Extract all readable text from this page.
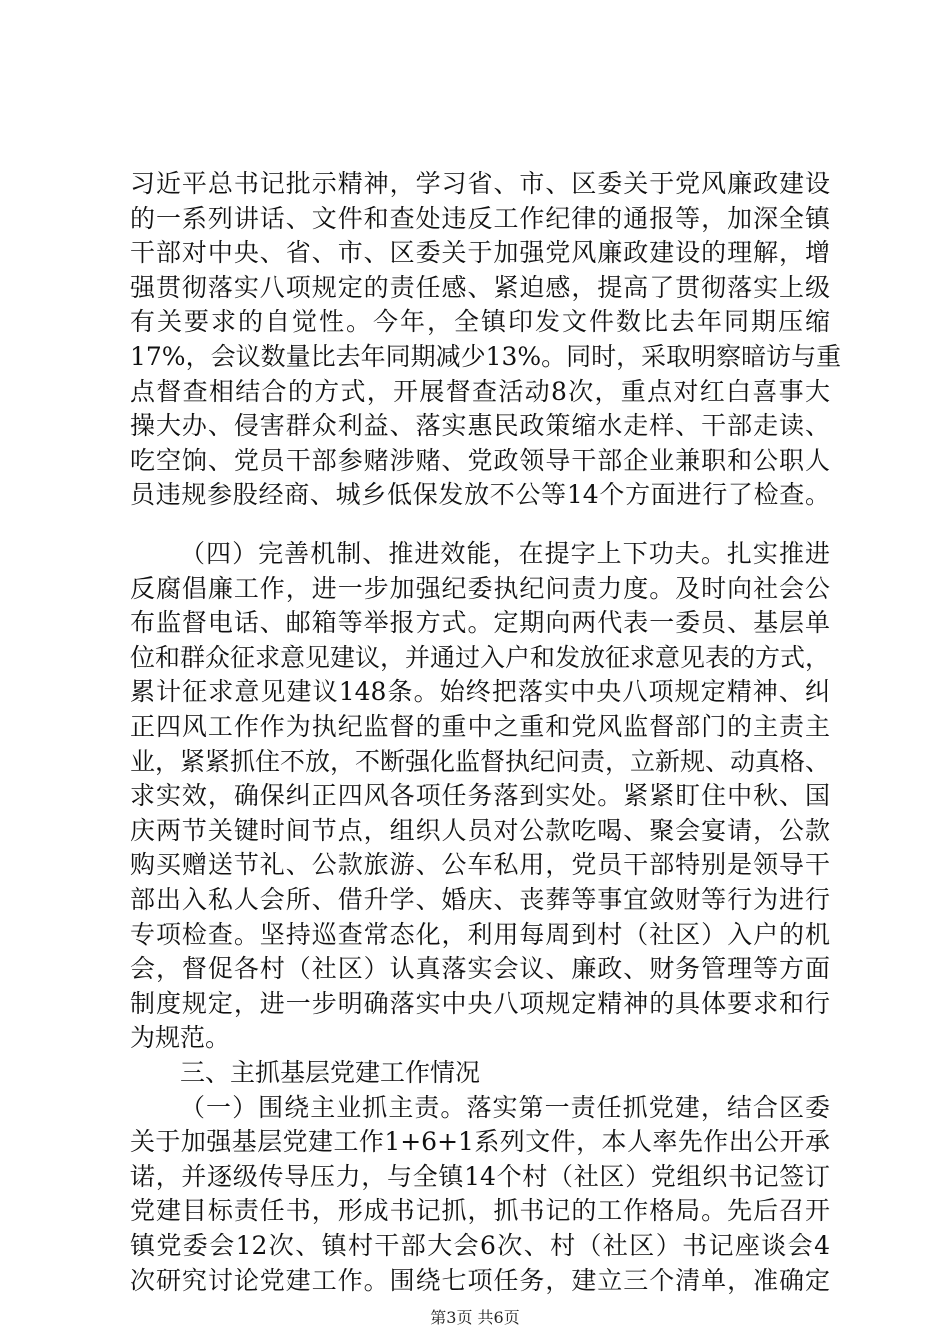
习近平总书记批示精神，学习省、市、区委关于党风廉政建设
的一系列讲话、文件和查处违反工作纪律的通报等，加深全镇
干部对中央、省、市、区委关于加强党风廉政建设的理解，增
强贯彻落实八项规定的责任感、紧迫感，提高了贯彻落实上级
有关要求的自觉性。今年，全镇印发文件数比去年同期压缩
17%，会议数量比去年同期减少13%。同时，采取明察暗访与重
点督查相结合的方式，开展督查活动8次，重点对红白喜事大
操大办、侵害群众利益、落实惠民政策缩水走样、干部走读、
吃空饷、党员干部参赌涉赌、党政领导干部企业兼职和公职人
员违规参股经商、城乡低保发放不公等14个方面进行了检查。
（四）完善机制、推进效能，在提字上下功夫。扎实推进
反腐倡廉工作，进一步加强纪委执纪问责力度。及时向社会公
布监督电话、邮箱等举报方式。定期向两代表一委员、基层单
位和群众征求意见建议，并通过入户和发放征求意见表的方式，
累计征求意见建议148条。始终把落实中央八项规定精神、纠
正四风工作作为执纪监督的重中之重和党风监督部门的主责主
业，紧紧抓住不放，不断强化监督执纪问责，立新规、动真格、
求实效，确保纠正四风各项任务落到实处。紧紧盯住中秋、国
庆两节关键时间节点，组织人员对公款吃喝、聚会宴请，公款
购买赠送节礼、公款旅游、公车私用，党员干部特别是领导干
部出入私人会所、借升学、婚庆、丧葬等事宜敛财等行为进行
专项检查。坚持巡查常态化，利用每周到村（社区）入户的机
会，督促各村（社区）认真落实会议、廉政、财务管理等方面
制度规定，进一步明确落实中央八项规定精神的具体要求和行
为规范。
三、主抓基层党建工作情况
（一）围绕主业抓主责。落实第一责任抓党建，结合区委
关于加强基层党建工作1+6+1系列文件，本人率先作出公开承
诺，并逐级传导压力，与全镇14个村（社区）党组织书记签订
党建目标责任书，形成书记抓，抓书记的工作格局。先后召开
镇党委会12次、镇村干部大会6次、村（社区）书记座谈会4
次研究讨论党建工作。围绕七项任务，建立三个清单，准确定
第3页 共6页
